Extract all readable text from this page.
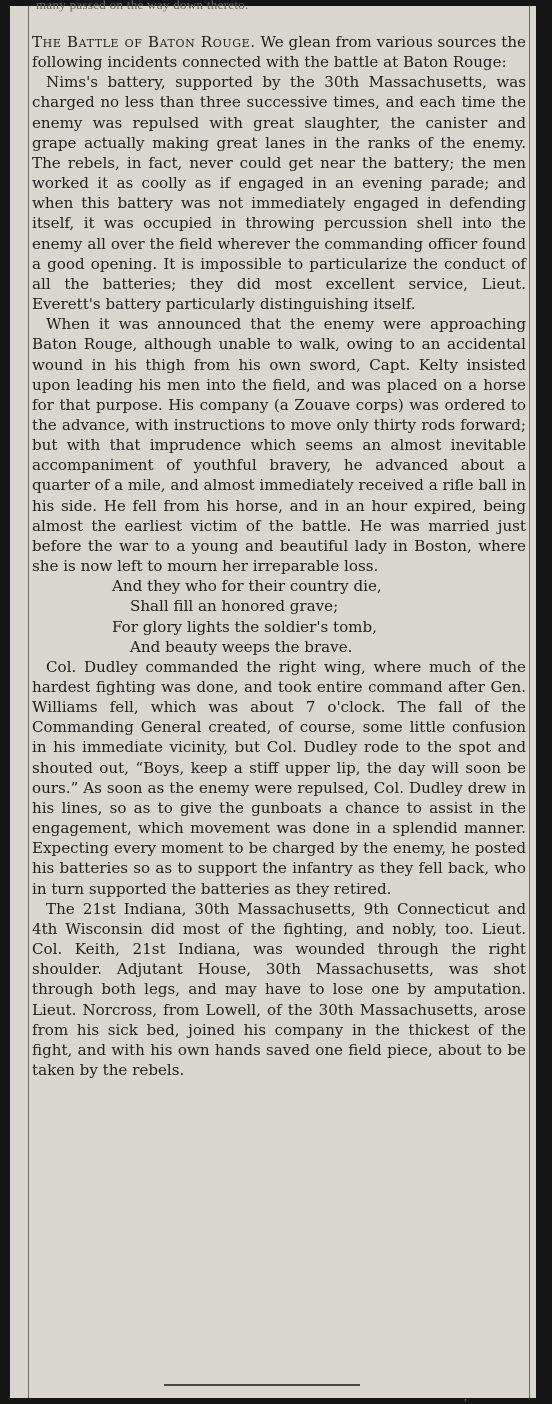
many passed on the way down thereto.

The Battle of Baton Rouge. We glean from various sources the following incidents connected with the battle at Baton Rouge:

Nims's battery, supported by the 30th Massachusetts, was charged no less than three successive times, and each time the enemy was repulsed with great slaughter, the canister and grape actually making great lanes in the ranks of the enemy. The rebels, in fact, never could get near the battery; the men worked it as coolly as if engaged in an evening parade; and when this battery was not immediately engaged in defending itself, it was occupied in throwing percussion shell into the enemy all over the field wherever the commanding officer found a good opening. It is impossible to particularize the conduct of all the batteries; they did most excellent service, Lieut. Everett's battery particularly distinguishing itself.

When it was announced that the enemy were approaching Baton Rouge, although unable to walk, owing to an accidental wound in his thigh from his own sword, Capt. Kelty insisted upon leading his men into the field, and was placed on a horse for that purpose. His company (a Zouave corps) was ordered to the advance, with instructions to move only thirty rods forward; but with that imprudence which seems an almost inevitable accompaniment of youthful bravery, he advanced about a quarter of a mile, and almost immediately received a rifle ball in his side. He fell from his horse, and in an hour expired, being almost the earliest victim of the battle. He was married just before the war to a young and beautiful lady in Boston, where she is now left to mourn her irreparable loss.

And they who for their country die,
Shall fill an honored grave;
For glory lights the soldier's tomb,
And beauty weeps the brave.

Col. Dudley commanded the right wing, where much of the hardest fighting was done, and took entire command after Gen. Williams fell, which was about 7 o'clock. The fall of the Commanding General created, of course, some little confusion in his immediate vicinity, but Col. Dudley rode to the spot and shouted out, “Boys, keep a stiff upper lip, the day will soon be ours.” As soon as the enemy were repulsed, Col. Dudley drew in his lines, so as to give the gunboats a chance to assist in the engagement, which movement was done in a splendid manner. Expecting every moment to be charged by the enemy, he posted his batteries so as to support the infantry as they fell back, who in turn supported the batteries as they retired.

The 21st Indiana, 30th Massachusetts, 9th Connecticut and 4th Wisconsin did most of the fighting, and nobly, too. Lieut. Col. Keith, 21st Indiana, was wounded through the right shoulder. Adjutant House, 30th Massachusetts, was shot through both legs, and may have to lose one by amputation. Lieut. Norcross, from Lowell, of the 30th Massachusetts, arose from his sick bed, joined his company in the thickest of the fight, and with his own hands saved one field piece, about to be taken by the rebels.

,
